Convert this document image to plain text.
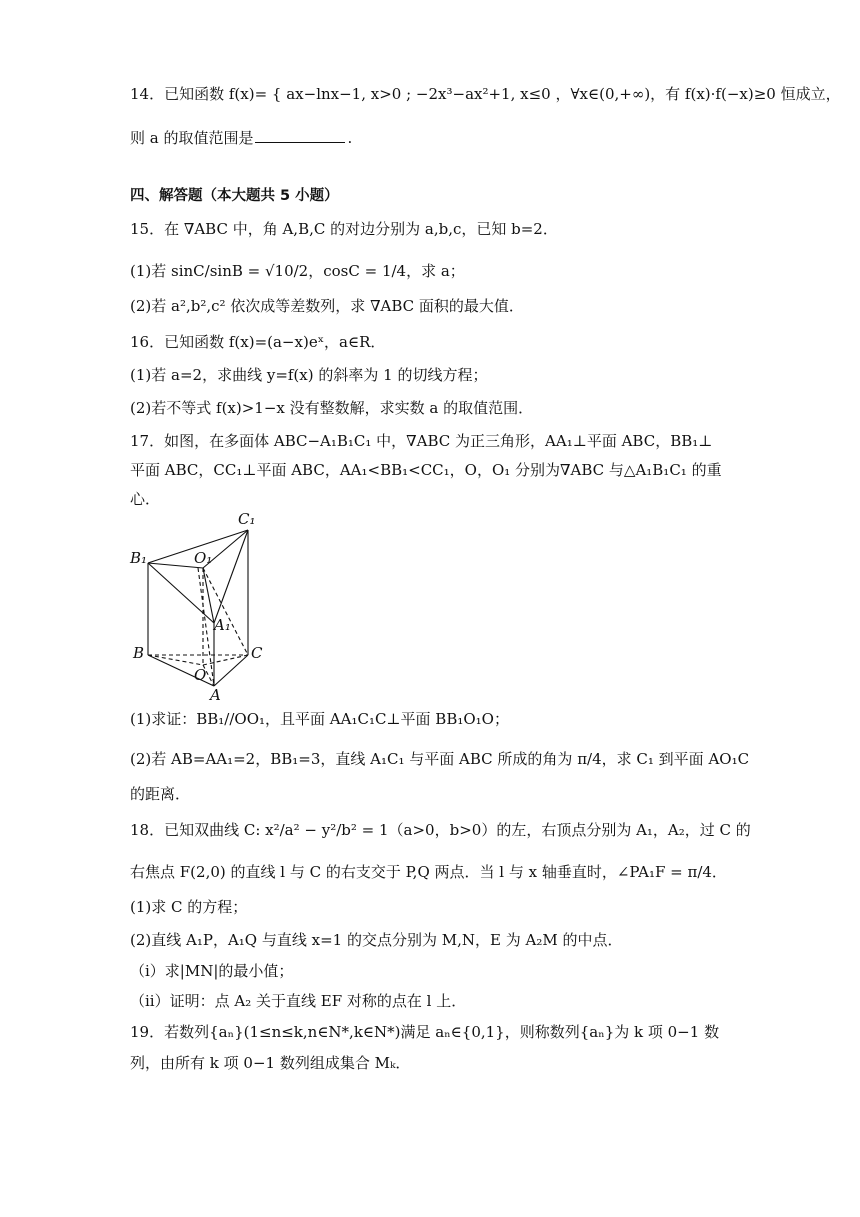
14．已知函数 f(x)= { ax−lnx−1, x>0 ; −2x³−ax²+1, x≤0 ，∀x∈(0,+∞)，有 f(x)·f(−x)≥0 恒成立，
则 a 的取值范围是	.
四、解答题（本大题共 5 小题）
15．在 ∇ABC 中，角 A,B,C 的对边分别为 a,b,c，已知 b=2．
(1)若 sinC/sinB = √10/2，cosC = 1/4，求 a；
(2)若 a²,b²,c² 依次成等差数列，求 ∇ABC 面积的最大值．
16．已知函数 f(x)=(a−x)eˣ，a∈R．
(1)若 a=2，求曲线 y=f(x) 的斜率为 1 的切线方程；
(2)若不等式 f(x)>1−x 没有整数解，求实数 a 的取值范围．
17．如图，在多面体 ABC−A₁B₁C₁ 中，∇ABC 为正三角形，AA₁⊥平面 ABC，BB₁⊥
平面 ABC，CC₁⊥平面 ABC，AA₁<BB₁<CC₁，O，O₁ 分别为∇ABC 与△A₁B₁C₁ 的重
心．
C₁
B₁	O₁
A₁
B	C
O
A
(1)求证：BB₁//OO₁，且平面 AA₁C₁C⊥平面 BB₁O₁O；
(2)若 AB=AA₁=2，BB₁=3，直线 A₁C₁ 与平面 ABC 所成的角为 π/4，求 C₁ 到平面 AO₁C
的距离．
18．已知双曲线 C: x²/a² − y²/b² = 1（a>0，b>0）的左，右顶点分别为 A₁，A₂，过 C 的
右焦点 F(2,0) 的直线 l 与 C 的右支交于 P,Q 两点．当 l 与 x 轴垂直时，∠PA₁F = π/4．
(1)求 C 的方程；
(2)直线 A₁P，A₁Q 与直线 x=1 的交点分别为 M,N，E 为 A₂M 的中点．
（i）求|MN|的最小值；
（ii）证明：点 A₂ 关于直线 EF 对称的点在 l 上．
19．若数列{aₙ}(1≤n≤k,n∈N*,k∈N*)满足 aₙ∈{0,1}，则称数列{aₙ}为 k 项 0−1 数
列，由所有 k 项 0−1 数列组成集合 Mₖ．
